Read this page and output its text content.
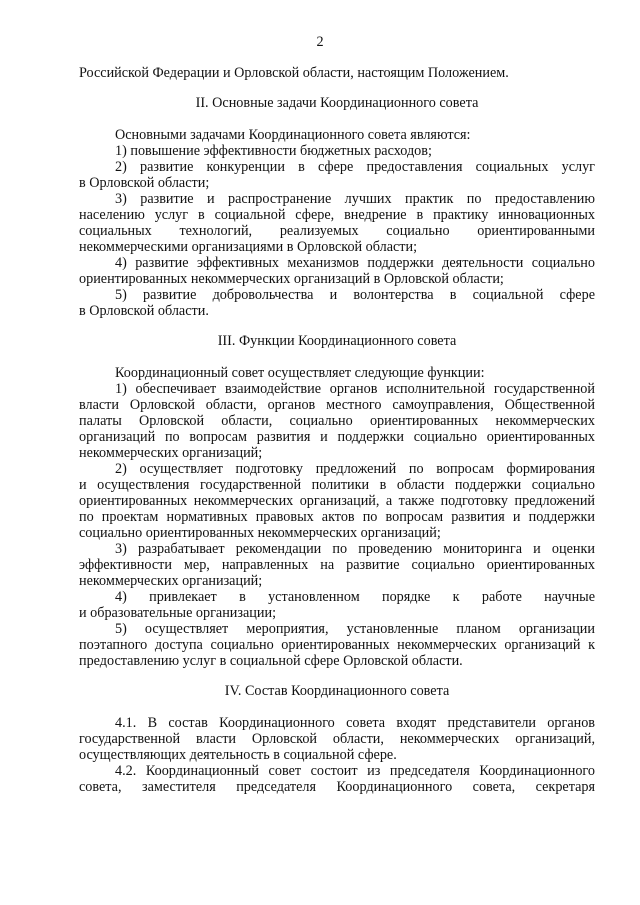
2

Российской Федерации и Орловской области, настоящим Положением.

II. Основные задачи Координационного совета

Основными задачами Координационного совета являются:

1) повышение эффективности бюджетных расходов;

2) развитие конкуренции в сфере предоставления социальных услуг

в Орловской области;

3) развитие и распространение лучших практик по предоставлению

населению услуг в социальной сфере, внедрение в практику инновационных

социальных технологий, реализуемых социально ориентированными

некоммерческими организациями в Орловской области;

4) развитие эффективных механизмов поддержки деятельности социально

ориентированных некоммерческих организаций в Орловской области;

5) развитие добровольчества и волонтерства в социальной сфере

в Орловской области.

III. Функции Координационного совета

Координационный совет осуществляет следующие функции:

1) обеспечивает взаимодействие органов исполнительной государственной

власти Орловской области, органов местного самоуправления, Общественной

палаты Орловской области, социально ориентированных некоммерческих

организаций по вопросам развития и поддержки социально ориентированных

некоммерческих организаций;

2) осуществляет подготовку предложений по вопросам формирования

и осуществления государственной политики в области поддержки социально

ориентированных некоммерческих организаций, а также подготовку предложений

по проектам нормативных правовых актов по вопросам развития и поддержки

социально ориентированных некоммерческих организаций;

3) разрабатывает рекомендации по проведению мониторинга и оценки

эффективности мер, направленных на развитие социально ориентированных

некоммерческих организаций;

4) привлекает в установленном порядке к работе научные

и образовательные организации;

5) осуществляет мероприятия, установленные планом организации

поэтапного доступа социально ориентированных некоммерческих организаций к

предоставлению услуг в социальной сфере Орловской области.

IV. Состав Координационного совета

4.1. В состав Координационного совета входят представители органов

государственной власти Орловской области, некоммерческих организаций,

осуществляющих деятельность в социальной сфере.

4.2. Координационный совет состоит из председателя Координационного

совета, заместителя председателя Координационного совета, секретаря
